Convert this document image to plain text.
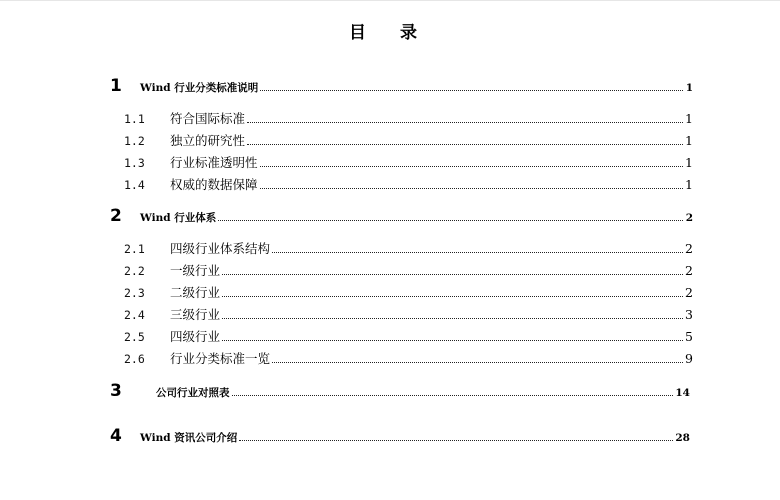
目 录
1	Wind 行业分类标准说明	1
1.1	符合国际标准	1
1.2	独立的研究性	1
1.3	行业标准透明性	1
1.4	权威的数据保障	1
2	Wind 行业体系	2
2.1	四级行业体系结构	2
2.2	一级行业	2
2.3	二级行业	2
2.4	三级行业	3
2.5	四级行业	5
2.6	行业分类标准一览	9
3	公司行业对照表	14
4	Wind 资讯公司介绍	28
